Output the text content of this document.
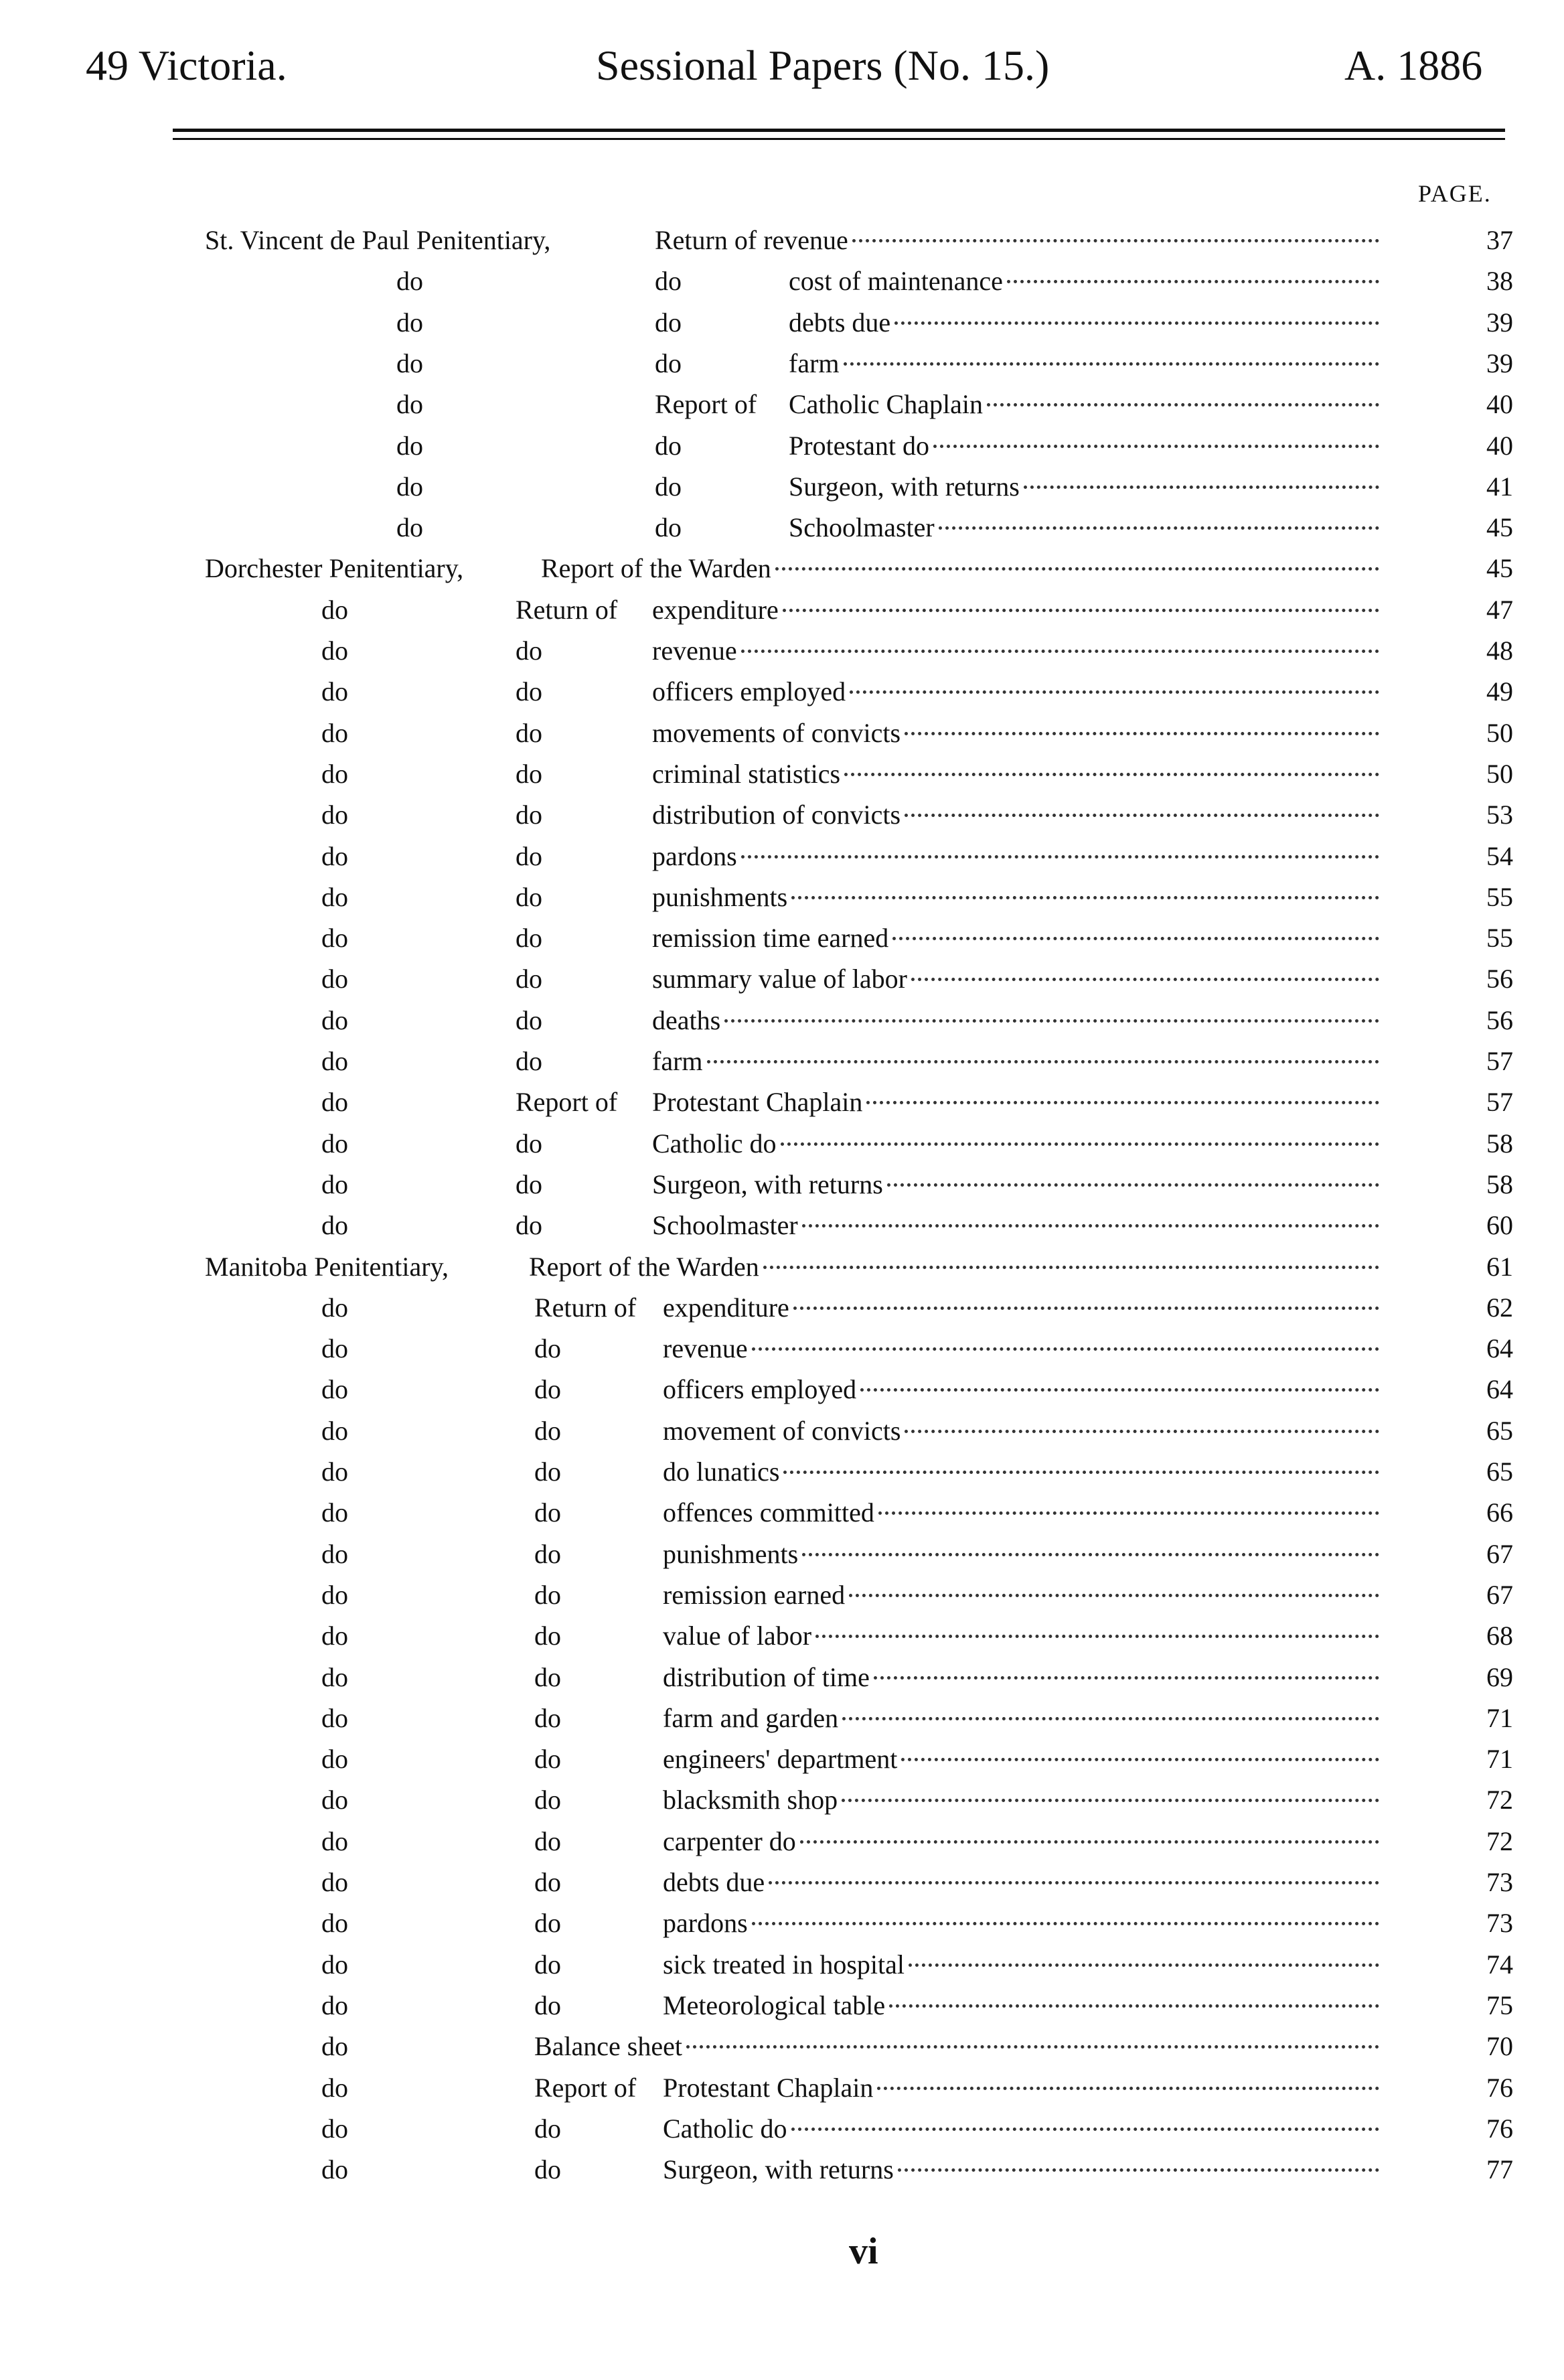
49 Victoria.	Sessional Papers (No. 15.)	A. 1886
PAGE.
St. Vincent de Paul Penitentiary,	Return of revenue	37
do	do	cost of maintenance	38
do	do	debts due	39
do	do	farm	39
do	Report of Catholic Chaplain	40
do	do	Protestant do	40
do	do	Surgeon, with returns	41
do	do	Schoolmaster	45
Dorchester Penitentiary,	Report of the Warden	45
do	Return of expenditure	47
do	do	revenue	48
do	do	officers employed	49
do	do	movements of convicts	50
do	do	criminal statistics	50
do	do	distribution of convicts	53
do	do	pardons	54
do	do	punishments	55
do	do	remission time earned	55
do	do	summary value of labor	56
do	do	deaths	56
do	do	farm	57
do	Report of Protestant Chaplain	57
do	do	Catholic do	58
do	do	Surgeon, with returns	58
do	do	Schoolmaster	60
Manitoba Penitentiary,	Report of the Warden	61
do	Return of expenditure	62
do	do	revenue	64
do	do	officers employed	64
do	do	movement of convicts	65
do	do	do lunatics	65
do	do	offences committed	66
do	do	punishments	67
do	do	remission earned	67
do	do	value of labor	68
do	do	distribution of time	69
do	do	farm and garden	71
do	do	engineers' department	71
do	do	blacksmith shop	72
do	do	carpenter do	72
do	do	debts due	73
do	do	pardons	73
do	do	sick treated in hospital	74
do	do	Meteorological table	75
do	Balance sheet	70
do	Report of Protestant Chaplain	76
do	do	Catholic do	76
do	do	Surgeon, with returns	77
vi
